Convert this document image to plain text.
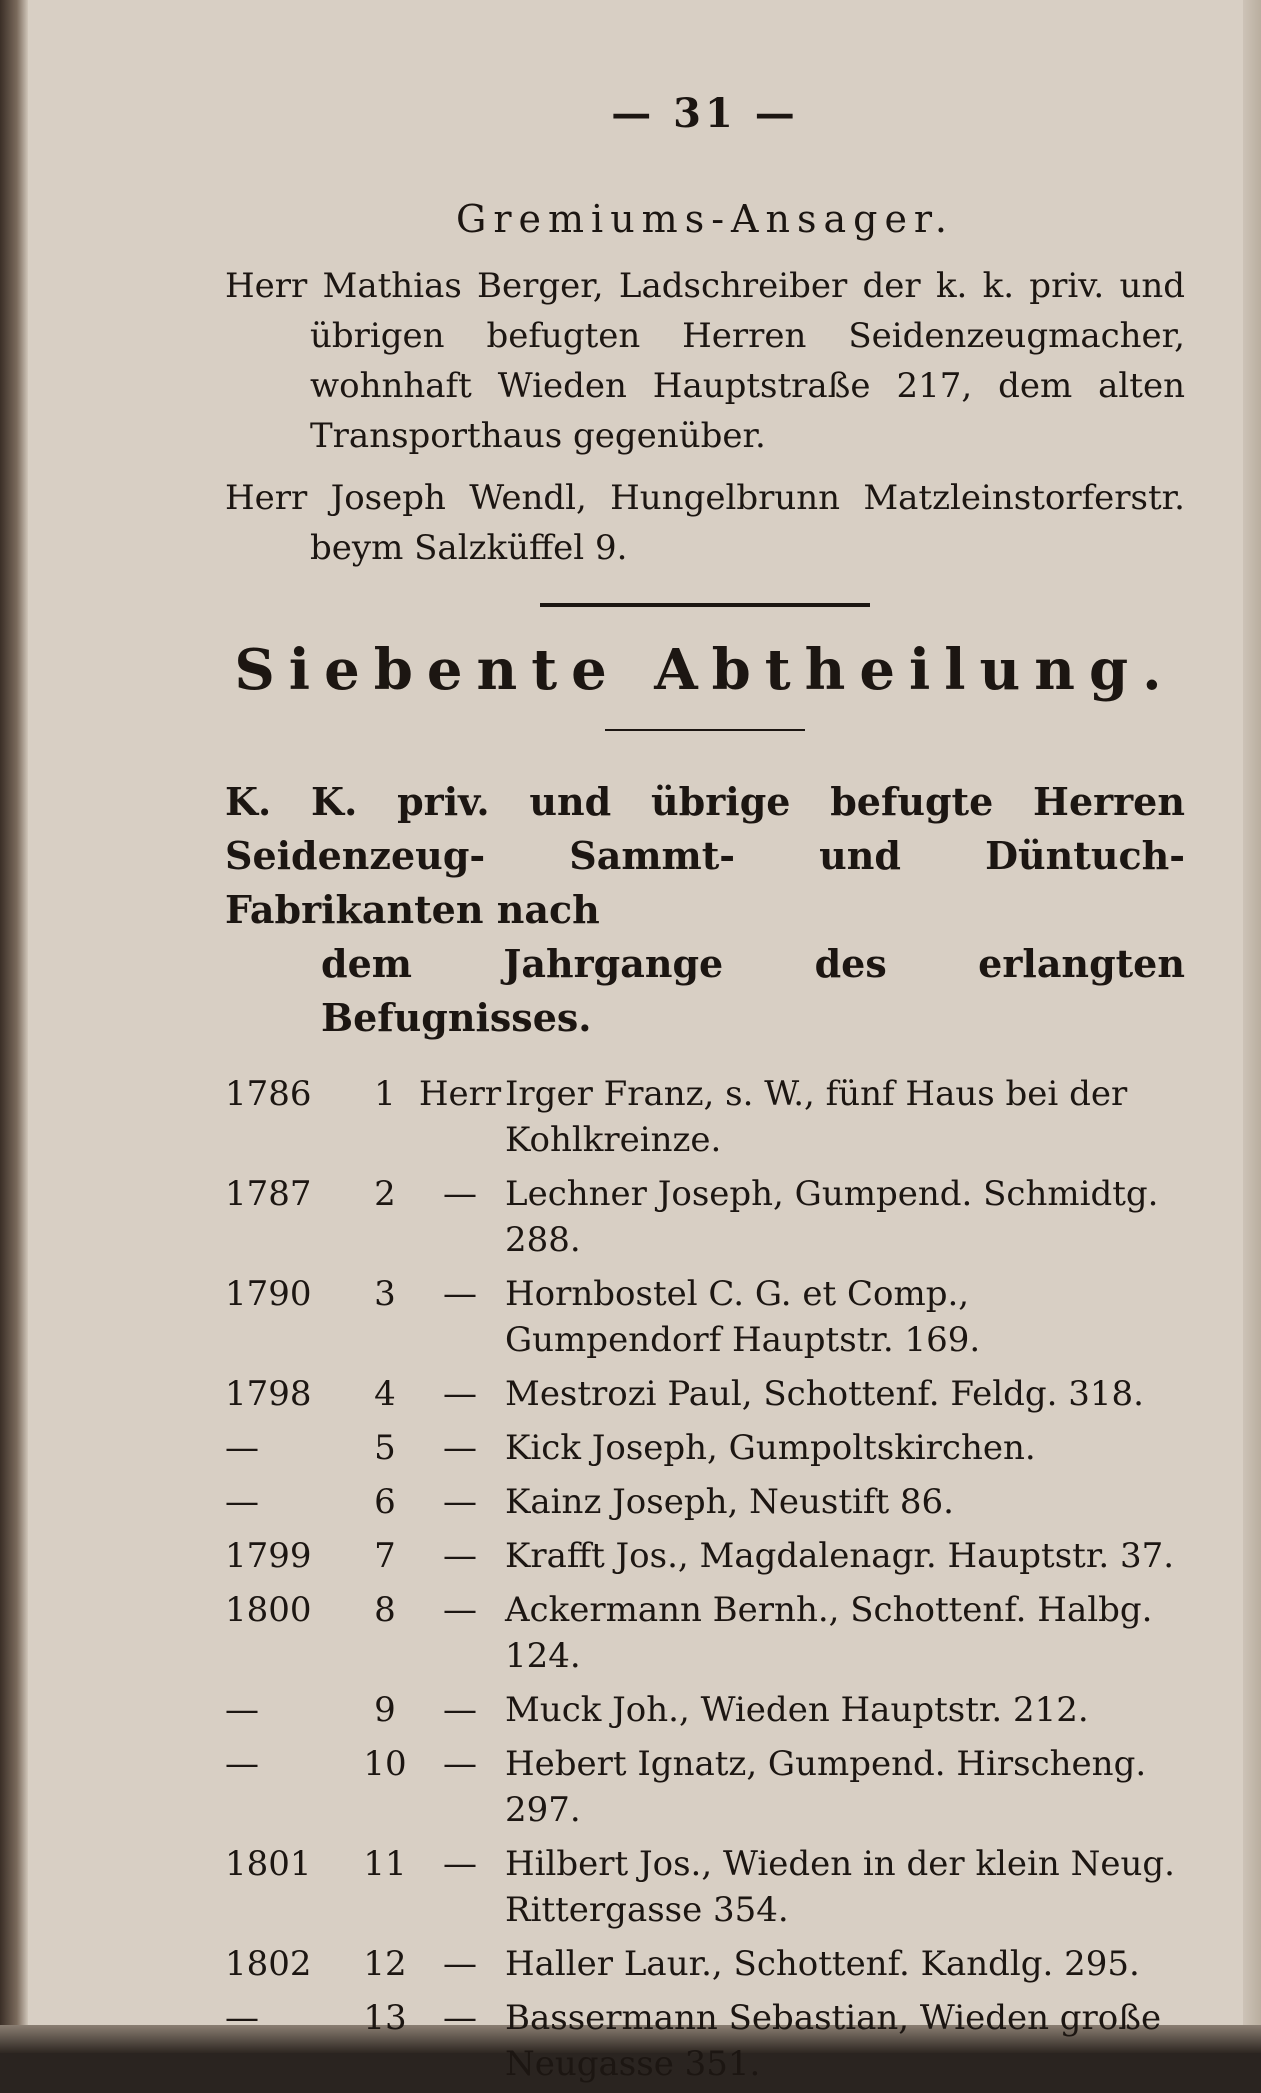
— 31 —
Gremiums-Ansager.

Herr Mathias Berger, Ladschreiber der k. k. priv. und übrigen befugten Herren Seidenzeugmacher, wohnhaft Wieden Hauptstraße 217, dem alten Transporthaus gegenüber.

Herr Joseph Wendl, Hungelbrunn Matzleinstorferstr. beym Salzküffel 9.

Siebente Abtheilung.
K. K. priv. und übrige befugte Herren Seidenzeug- Sammt- und Düntuch-Fabrikanten nach
dem Jahrgange des erlangten Befugnisses.
1786	1	Herr	Irger Franz, s. W., fünf Haus bei der Kohlkreinze.
1787	2	—	Lechner Joseph, Gumpend. Schmidtg. 288.
1790	3	—	Hornbostel C. G. et Comp., Gumpendorf Hauptstr. 169.
1798	4	—	Mestrozi Paul, Schottenf. Feldg. 318.
—	5	—	Kick Joseph, Gumpoltskirchen.
—	6	—	Kainz Joseph, Neustift 86.
1799	7	—	Krafft Jos., Magdalenagr. Hauptstr. 37.
1800	8	—	Ackermann Bernh., Schottenf. Halbg. 124.
—	9	—	Muck Joh., Wieden Hauptstr. 212.
—	10	—	Hebert Ignatz, Gumpend. Hirscheng. 297.
1801	11	—	Hilbert Jos., Wieden in der klein Neug. Rittergasse 354.
1802	12	—	Haller Laur., Schottenf. Kandlg. 295.
—	13	—	Bassermann Sebastian, Wieden große Neugasse 351.
